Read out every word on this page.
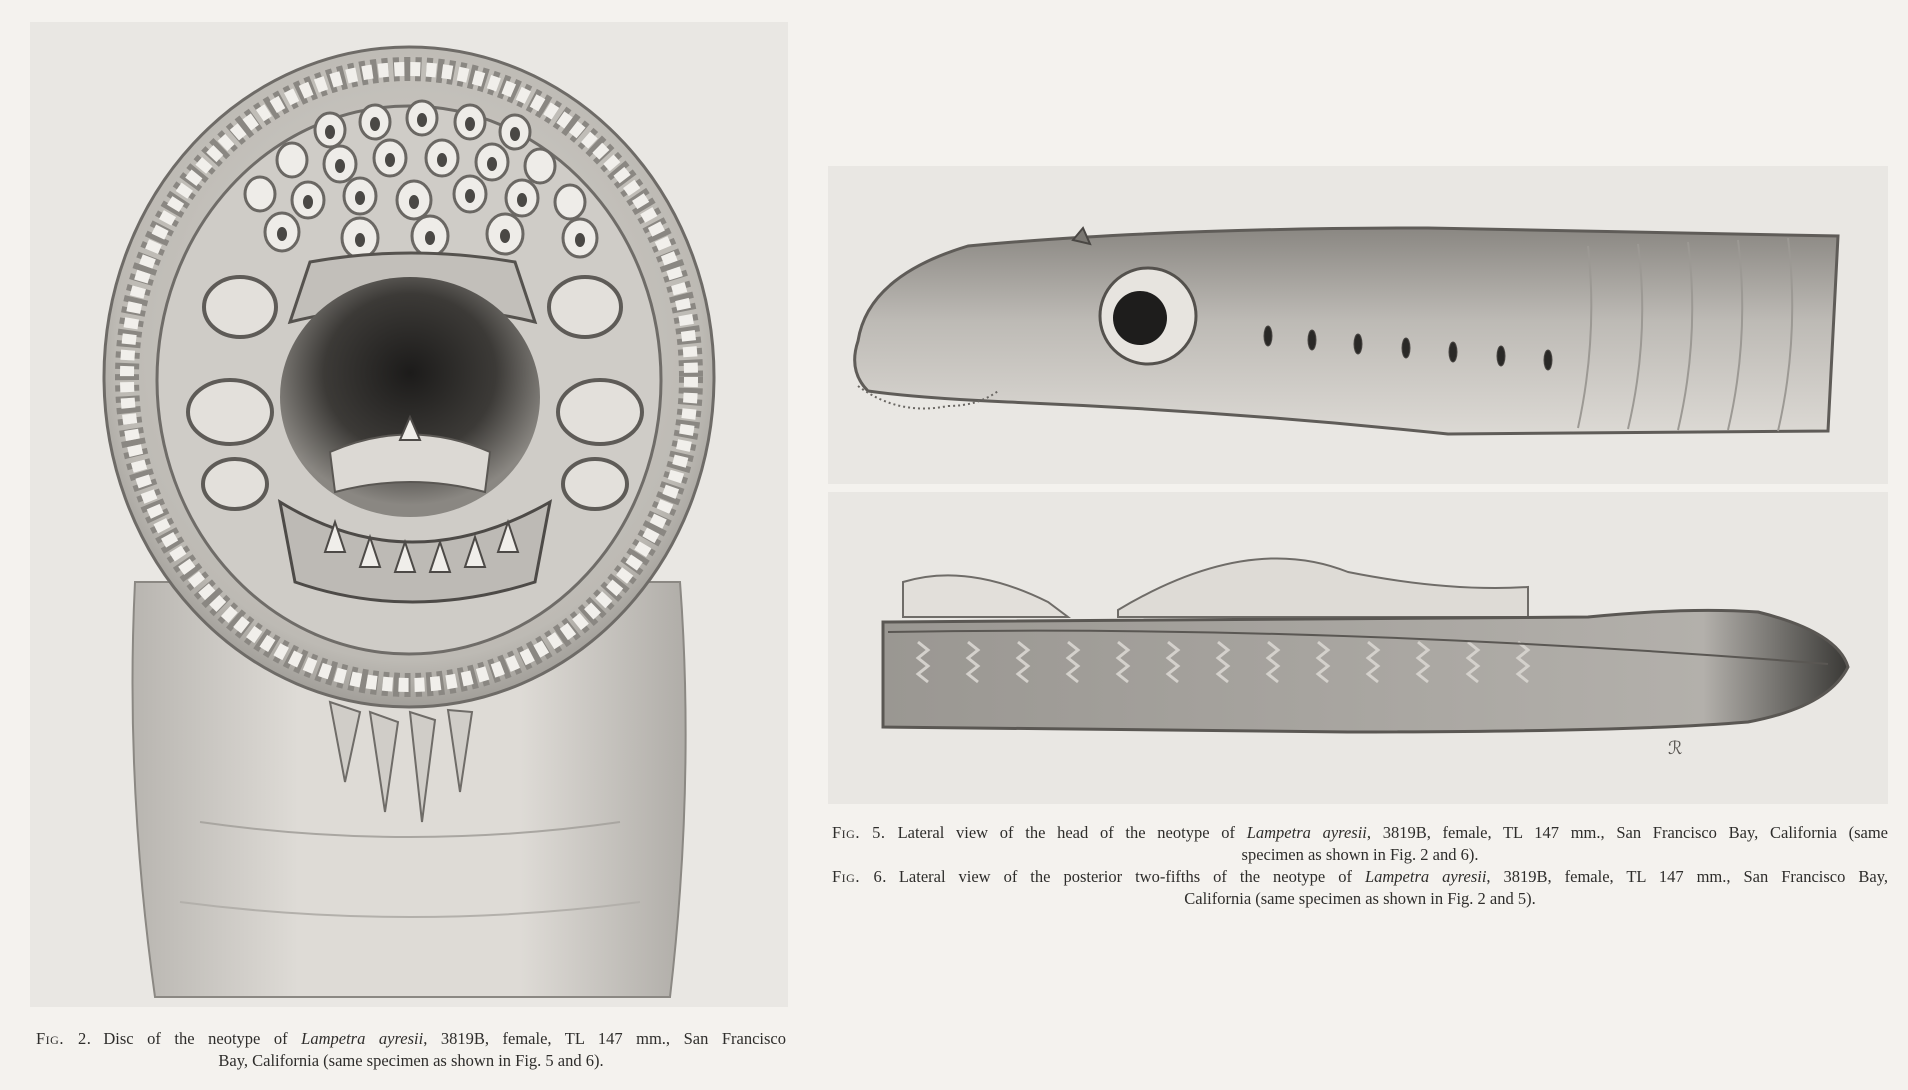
Fig. 2. Disc of the neotype of Lampetra ayresii, 3819B, female, TL 147 mm., San Francisco
Bay, California (same specimen as shown in Fig. 5 and 6).
ℛ
Fig. 5. Lateral view of the head of the neotype of Lampetra ayresii, 3819B, female, TL 147 mm., San Francisco Bay, California (same
specimen as shown in Fig. 2 and 6).
Fig. 6. Lateral view of the posterior two-fifths of the neotype of Lampetra ayresii, 3819B, female, TL 147 mm., San Francisco Bay,
California (same specimen as shown in Fig. 2 and 5).
